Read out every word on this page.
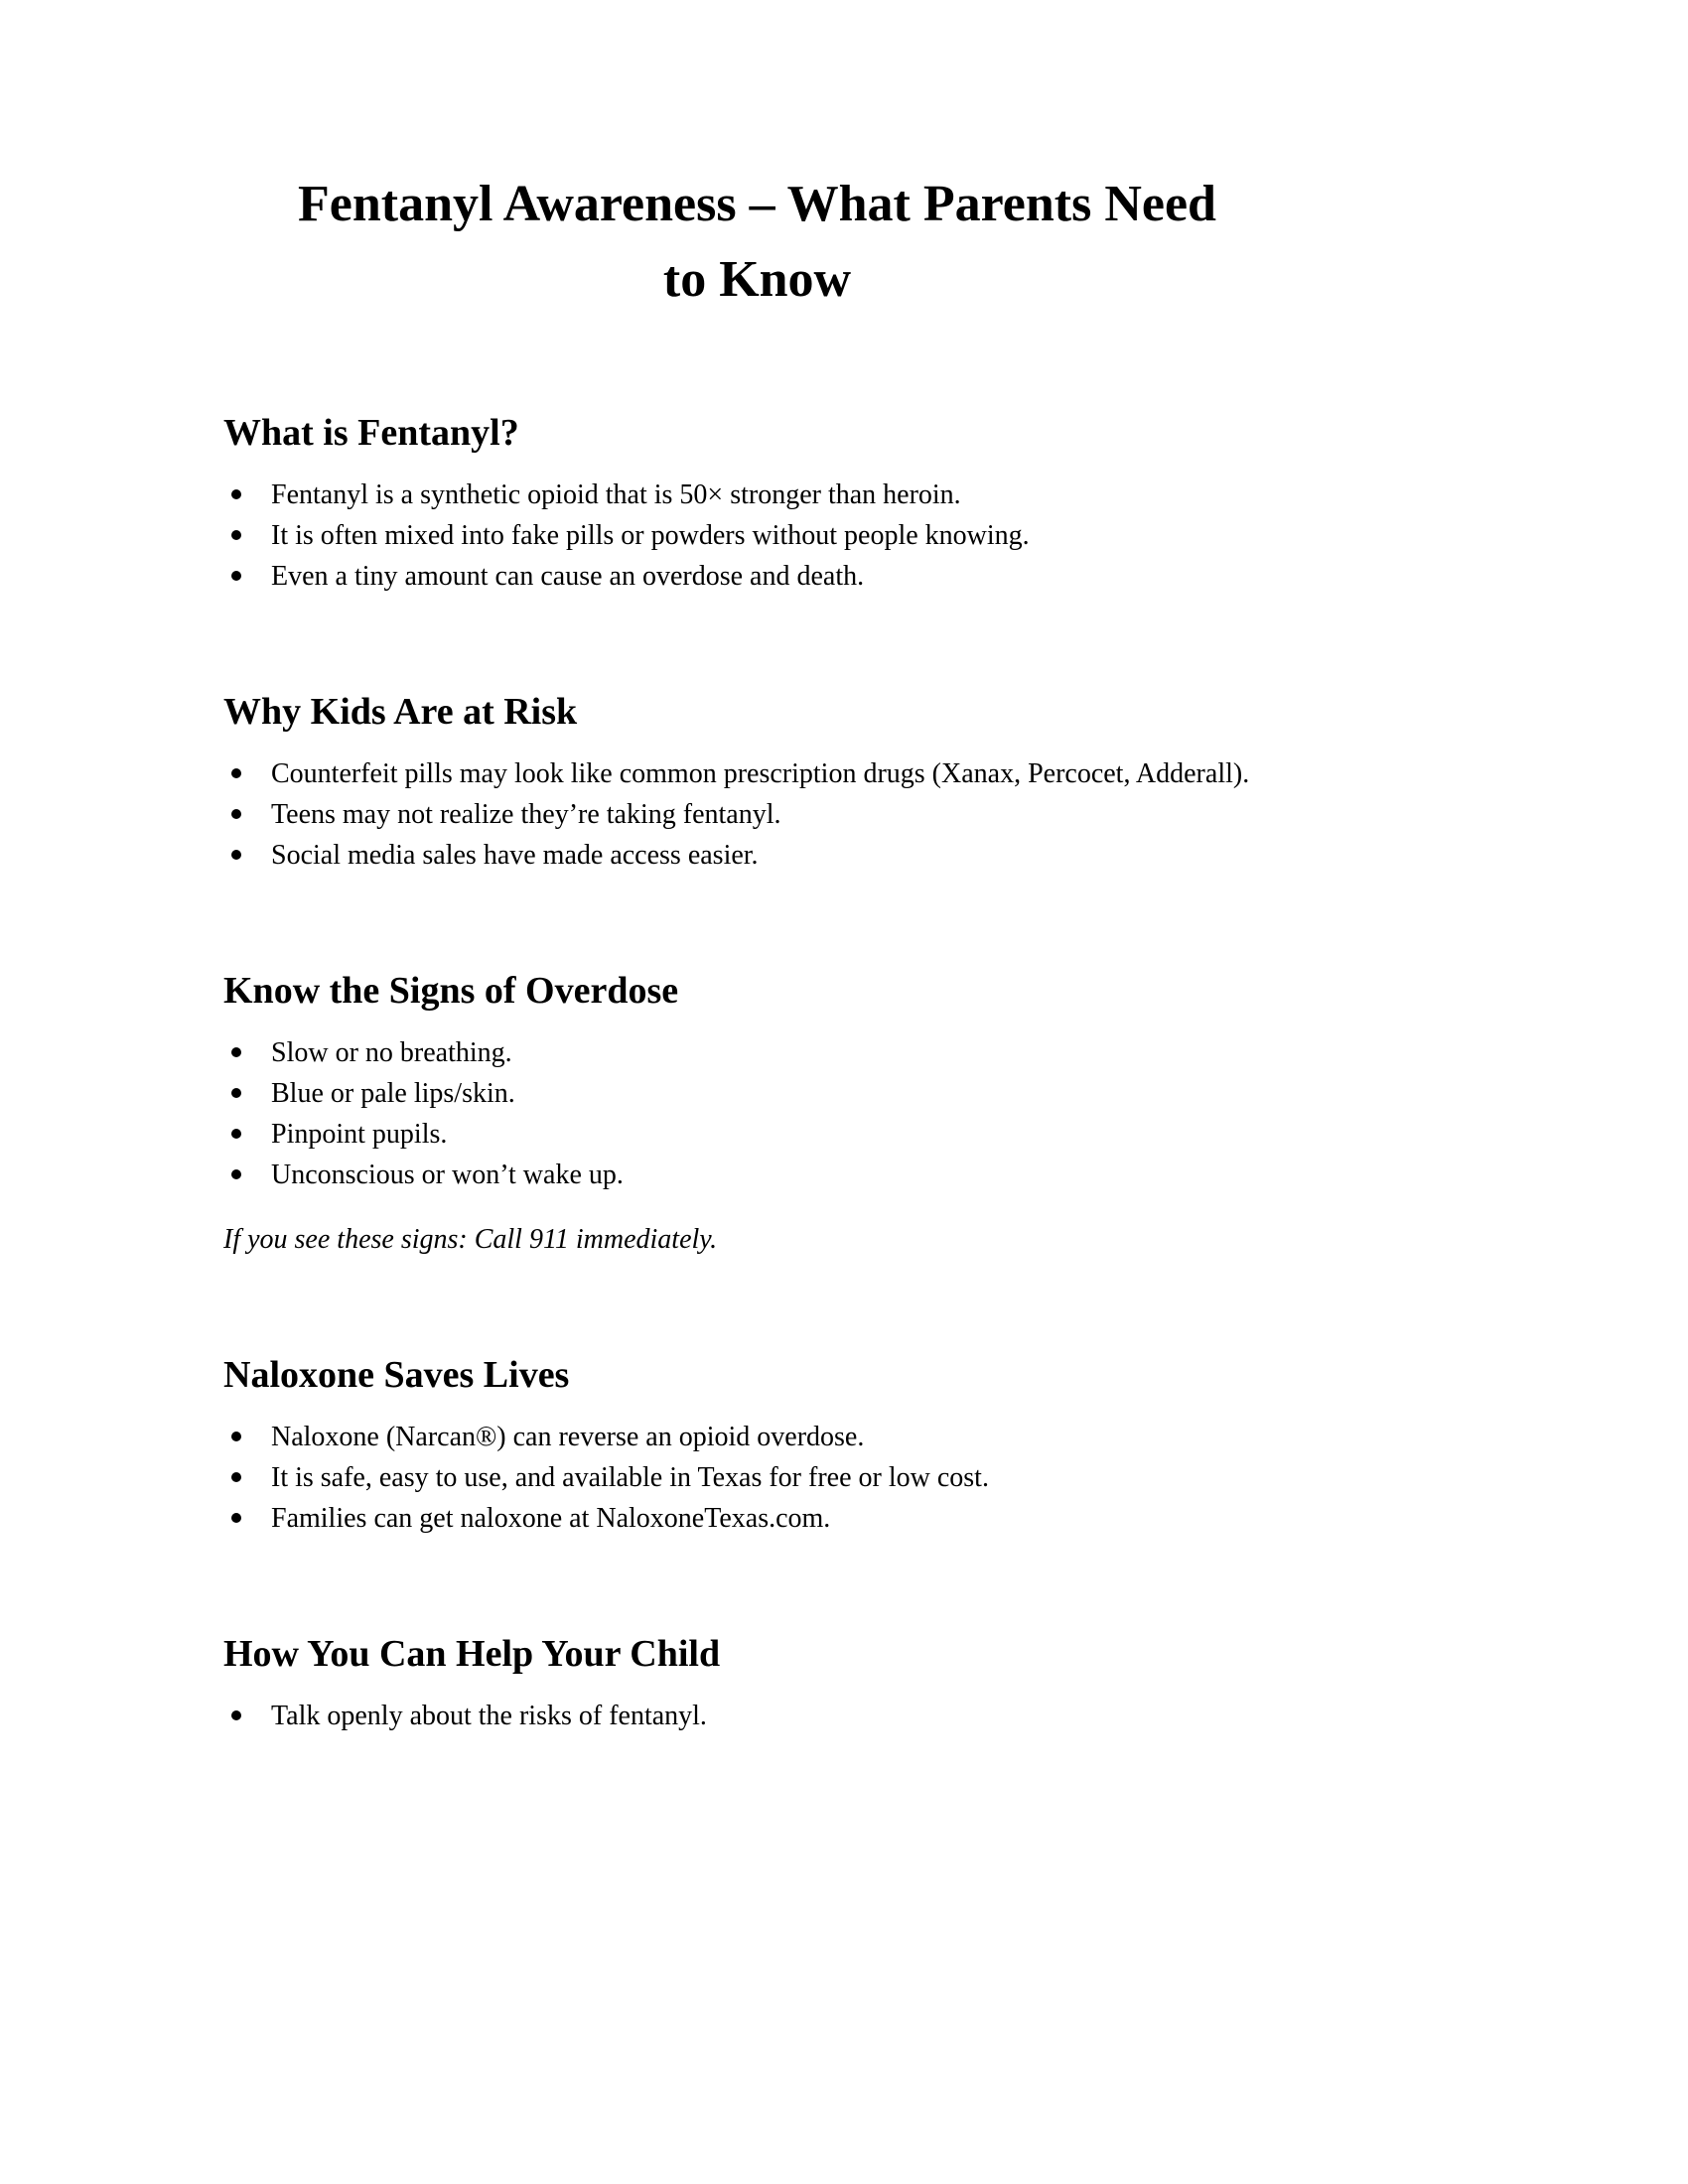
Fentanyl Awareness – What Parents Need
to Know
What is Fentanyl?
Fentanyl is a synthetic opioid that is 50× stronger than heroin.
It is often mixed into fake pills or powders without people knowing.
Even a tiny amount can cause an overdose and death.
Why Kids Are at Risk
Counterfeit pills may look like common prescription drugs (Xanax, Percocet, Adderall).
Teens may not realize they’re taking fentanyl.
Social media sales have made access easier.
Know the Signs of Overdose
Slow or no breathing.
Blue or pale lips/skin.
Pinpoint pupils.
Unconscious or won’t wake up.

If you see these signs: Call 911 immediately.

Naloxone Saves Lives
Naloxone (Narcan®) can reverse an opioid overdose.
It is safe, easy to use, and available in Texas for free or low cost.
Families can get naloxone at NaloxoneTexas.com.
How You Can Help Your Child
Talk openly about the risks of fentanyl.
